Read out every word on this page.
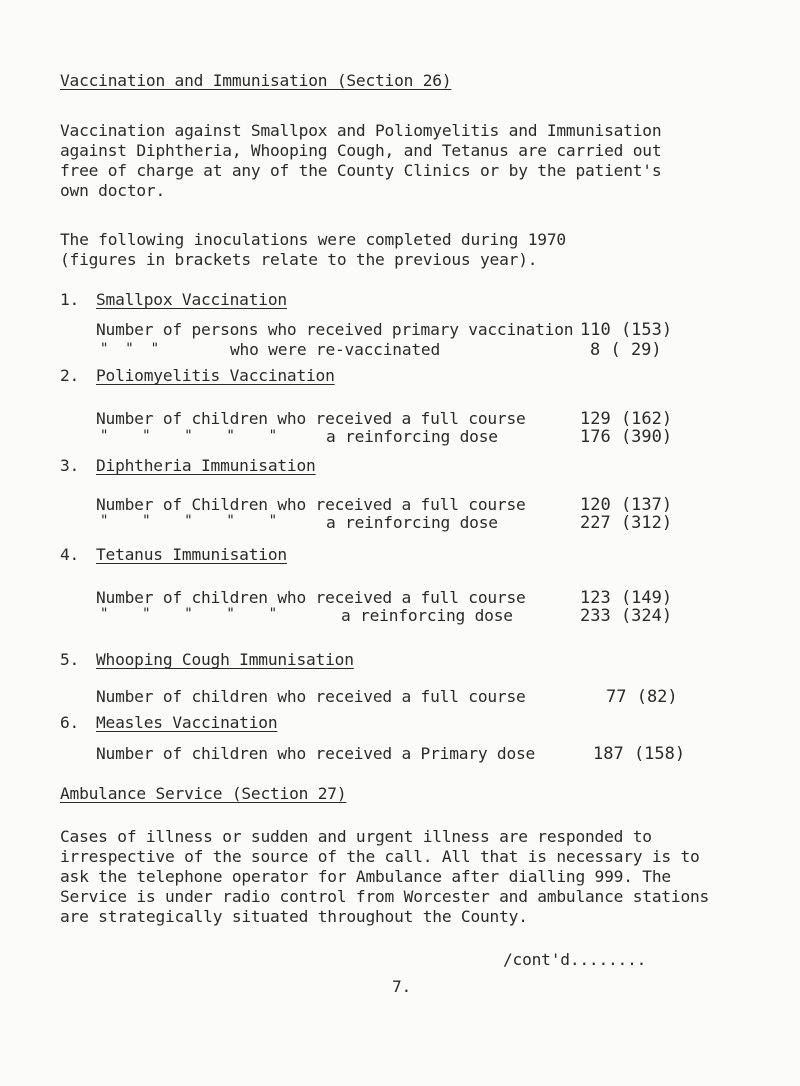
Vaccination and Immunisation (Section 26)
Vaccination against Smallpox and Poliomyelitis and Immunisation
against Diphtheria, Whooping Cough, and Tetanus are carried out
free of charge at any of the County Clinics or by the patient's
own doctor.
The following inoculations were completed during 1970
(figures in brackets relate to the previous year).
1. Smallpox Vaccination
Number of persons who received primary vaccination 110 (153)
"  "  "	who were re-vaccinated	8 ( 29)
2. Poliomyelitis Vaccination
Number of children who received a full course	129 (162)
"    "    "    "    "	a reinforcing dose	176 (390)
3. Diphtheria Immunisation
Number of Children who received a full course	120 (137)
"    "    "    "    "	a reinforcing dose	227 (312)
4. Tetanus Immunisation
Number of children who received a full course	123 (149)
"    "    "    "    "	a reinforcing dose	233 (324)
5. Whooping Cough Immunisation
Number of children who received a full course	77 (82)
6. Measles Vaccination
Number of children who received a Primary dose	187 (158)
Ambulance Service (Section 27)
Cases of illness or sudden and urgent illness are responded to
irrespective of the source of the call. All that is necessary is to
ask the telephone operator for Ambulance after dialling 999. The
Service is under radio control from Worcester and ambulance stations
are strategically situated throughout the County.
/cont'd........
7.
